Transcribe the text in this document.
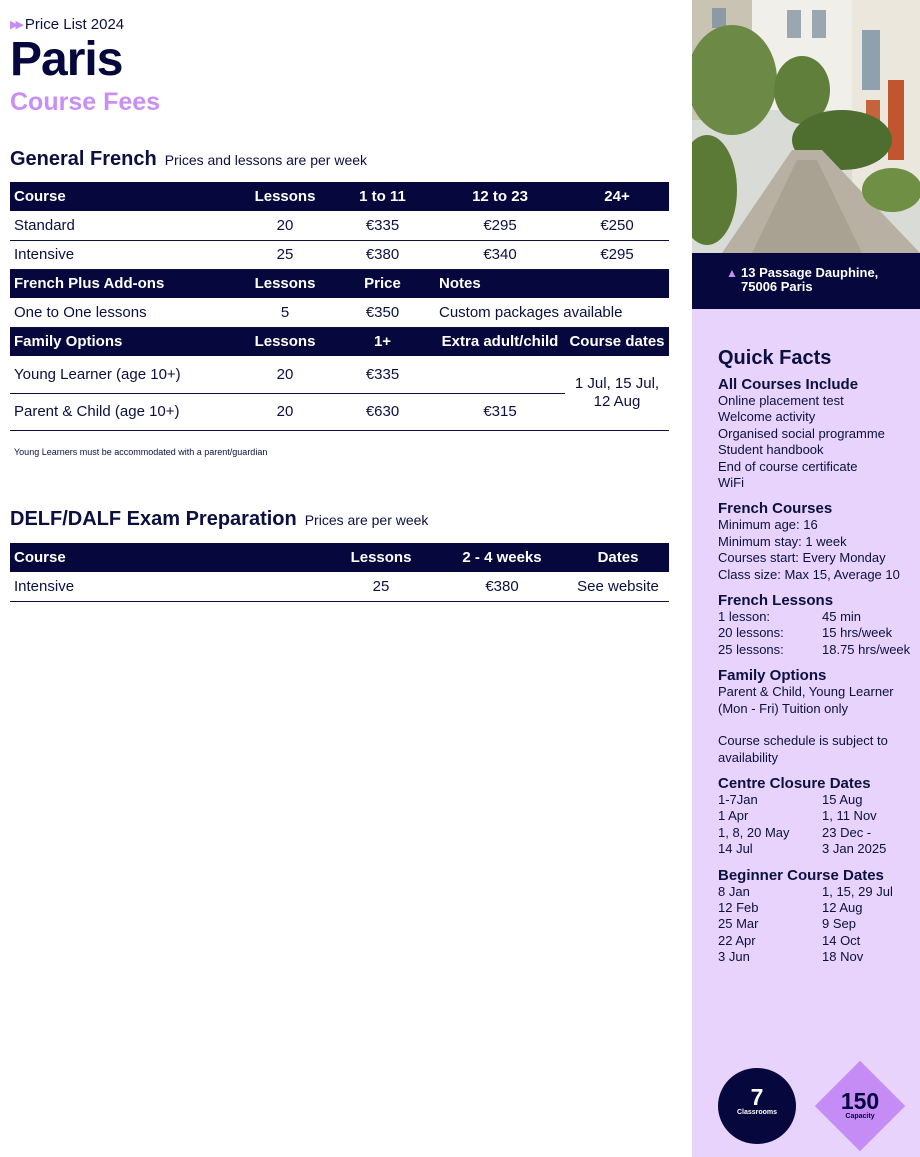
▶▶ Price List 2024
Paris
Course Fees
General French Prices and lessons are per week
Course	Lessons	1 to 11	12 to 23	24+
Standard	20	€335	€295	€250
Intensive	25	€380	€340	€295
French Plus Add-ons	Lessons	Price	Notes	
One to One lessons	5	€350	Custom packages available	
Family Options	Lessons	1+	Extra adult/child	Course dates
Young Learner (age 10+)	20	€335		1 Jul, 15 Jul, 12 Aug
Parent & Child (age 10+)	20	€630	€315	
Young Learners must be accommodated with a parent/guardian
DELF/DALF Exam Preparation Prices are per week
Course	Lessons	2 - 4 weeks	Dates
Intensive	25	€380	See website
▲ 13 Passage Dauphine,
75006 Paris
Quick Facts
All Courses Include
Online placement test
Welcome activity
Organised social programme
Student handbook
End of course certificate
WiFi
French Courses
Minimum age: 16
Minimum stay: 1 week
Courses start: Every Monday
Class size: Max 15, Average 10
French Lessons
1 lesson:	45 min
20 lessons:	15 hrs/week
25 lessons:	18.75 hrs/week
Family Options
Parent & Child, Young Learner
(Mon - Fri) Tuition only
Course schedule is subject to availability
Centre Closure Dates
1-7Jan	15 Aug
1 Apr	1, 11 Nov
1, 8, 20 May	23 Dec -
14 Jul	3 Jan 2025
Beginner Course Dates
8 Jan	1, 15, 29 Jul
12 Feb	12 Aug
25 Mar	9 Sep
22 Apr	14 Oct
3 Jun	18 Nov
7
Classrooms	150
Capacity
